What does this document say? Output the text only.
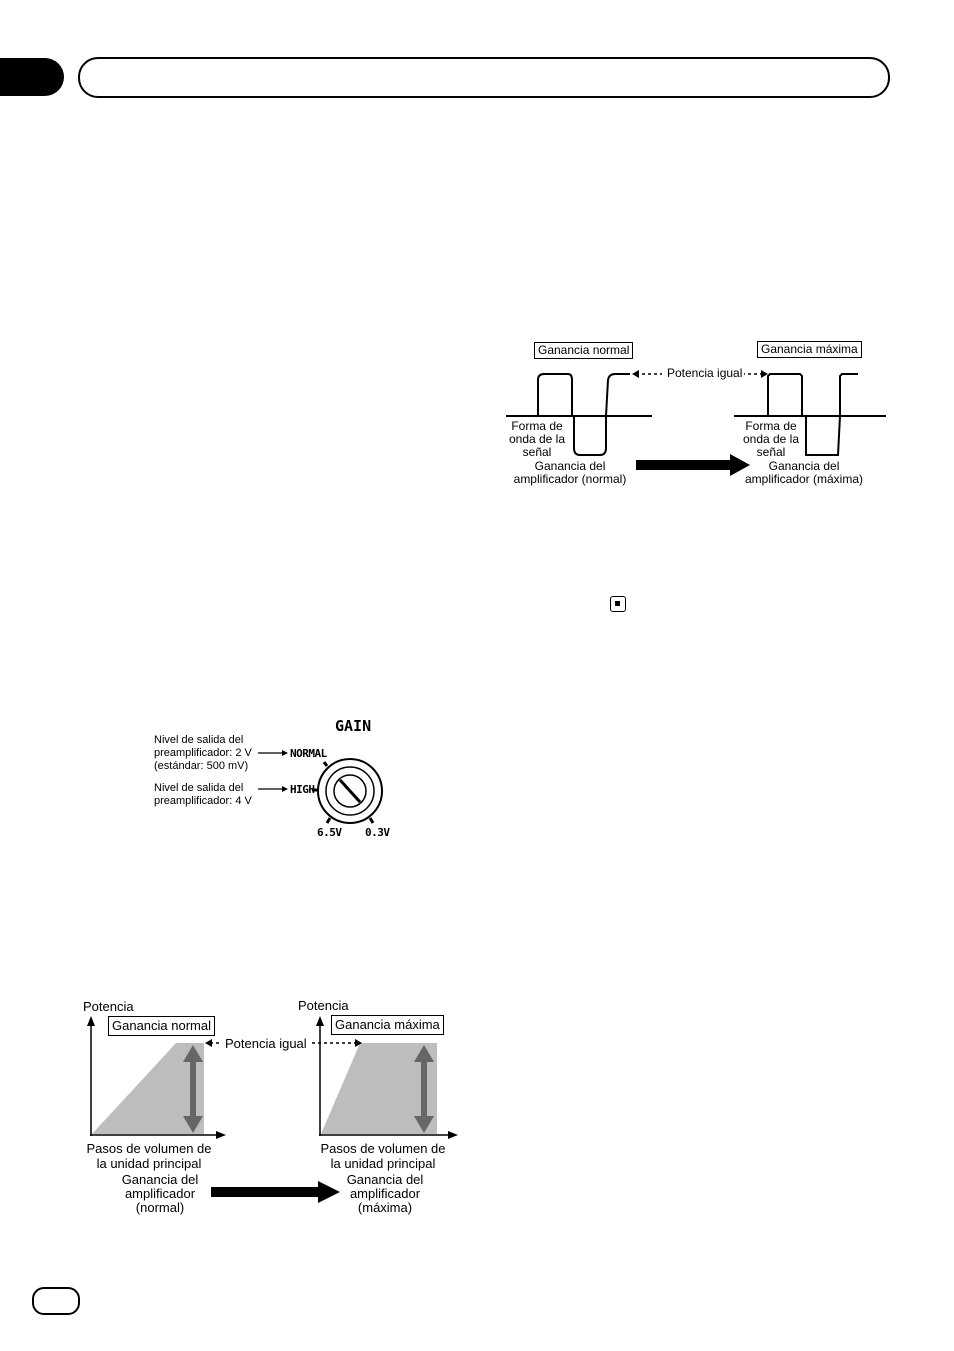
Ganancia normal	Ganancia máxima
Potencia igual
Forma de
onda de la
señal
Forma de
onda de la
señal
Ganancia del
amplificador (normal)
Ganancia del
amplificador (máxima)
GAIN
Nivel de salida del
preamplificador: 2 V
(estándar: 500 mV)
Nivel de salida del
preamplificador: 4 V
NORMAL
HIGH
6.5V 0.3V
Potencia	Potencia
Ganancia normal	Ganancia máxima
Potencia igual
Pasos de volumen de
la unidad principal
Pasos de volumen de
la unidad principal
Ganancia del
amplificador
(normal)
Ganancia del
amplificador
(máxima)
